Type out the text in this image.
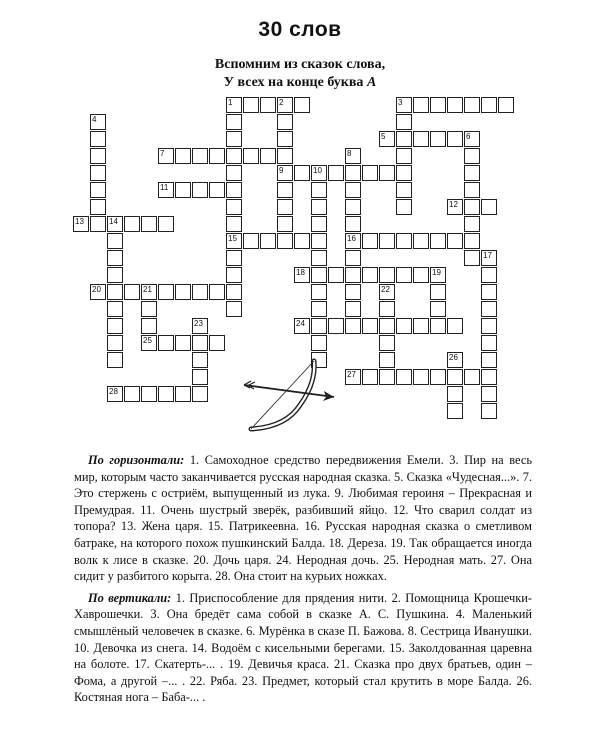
30 слов
Вспомним из сказок слова,
У всех на конце буква А
1	2	3
4
5	6
7	8
9	10
11
12
13	14
15	16
17
18	19
20	21	22
23	24
25
26
27
28

По горизонтали: 1. Самоходное средство передвижения Емели. 3. Пир на весь мир, которым часто заканчивается русская народная сказка. 5. Сказка «Чудесная...». 7. Это стержень с остриём, выпущенный из лука. 9. Любимая героиня – Прекрасная и Премудрая. 11. Очень шустрый зверёк, разбивший яйцо. 12. Что сварил солдат из топора? 13. Жена царя. 15. Патрикеевна. 16. Русская народная сказка о сметливом батраке, на которого похож пушкинский Балда. 18. Дереза. 19. Так обращается иногда волк к лисе в сказке. 20. Дочь царя. 24. Неродная дочь. 25. Неродная мать. 27. Она сидит у разбитого корыта. 28. Она стоит на курьих ножках.

По вертикали: 1. Приспособление для прядения нити. 2. Помощница Крошечки-Хаврошечки. 3. Она бредёт сама собой в сказке А. С. Пушкина. 4. Маленький смышлёный человечек в сказке. 6. Мурёнка в сказе П. Бажова. 8. Сестрица Иванушки. 10. Девочка из снега. 14. Водоём с кисельными берегами. 15. Заколдованная царевна на болоте. 17. Скатерть-... . 19. Девичья краса. 21. Сказка про двух братьев, один – Фома, а другой –... . 22. Ряба. 23. Предмет, который стал крутить в море Балда. 26. Костяная нога – Баба-... .
